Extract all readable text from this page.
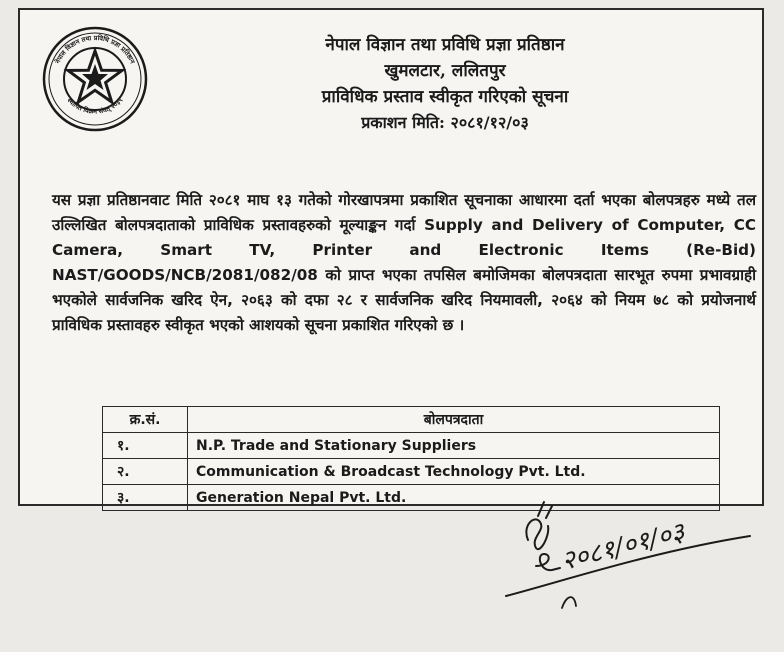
नेपाल विज्ञान तथा प्रविधि प्रज्ञा प्रतिष्ठान
स्थापित विक्रम संवत् २०३९
नेपाल विज्ञान तथा प्रविधि प्रज्ञा प्रतिष्ठान
खुमलटार, ललितपुर
प्राविधिक प्रस्ताव स्वीकृत गरिएको सूचना
प्रकाशन मिति: २०८१/१२/०३
यस प्रज्ञा प्रतिष्ठानवाट मिति २०८१ माघ १३ गतेको गोरखापत्रमा प्रकाशित सूचनाका आधारमा दर्ता भएका बोलपत्रहरु मध्ये तल उल्लिखित बोलपत्रदाताको प्राविधिक प्रस्तावहरुको मूल्याङ्कन गर्दा Supply and Delivery of Computer, CC Camera, Smart TV, Printer and Electronic Items (Re-Bid) NAST/GOODS/NCB/2081/082/08 को प्राप्त भएका तपसिल बमोजिमका बोलपत्रदाता सारभूत रुपमा प्रभावग्राही भएकोले सार्वजनिक खरिद ऐन, २०६३ को दफा २८ र सार्वजनिक खरिद नियमावली, २०६४ को नियम ७८ को प्रयोजनार्थ प्राविधिक प्रस्तावहरु स्वीकृत भएको आशयको सूचना प्रकाशित गरिएको छ ।
क्र.सं.	बोलपत्रदाता
१.	N.P. Trade and Stationary Suppliers
२.	Communication & Broadcast Technology Pvt. Ltd.
३.	Generation Nepal Pvt. Ltd.
२०८१/०१/०३
